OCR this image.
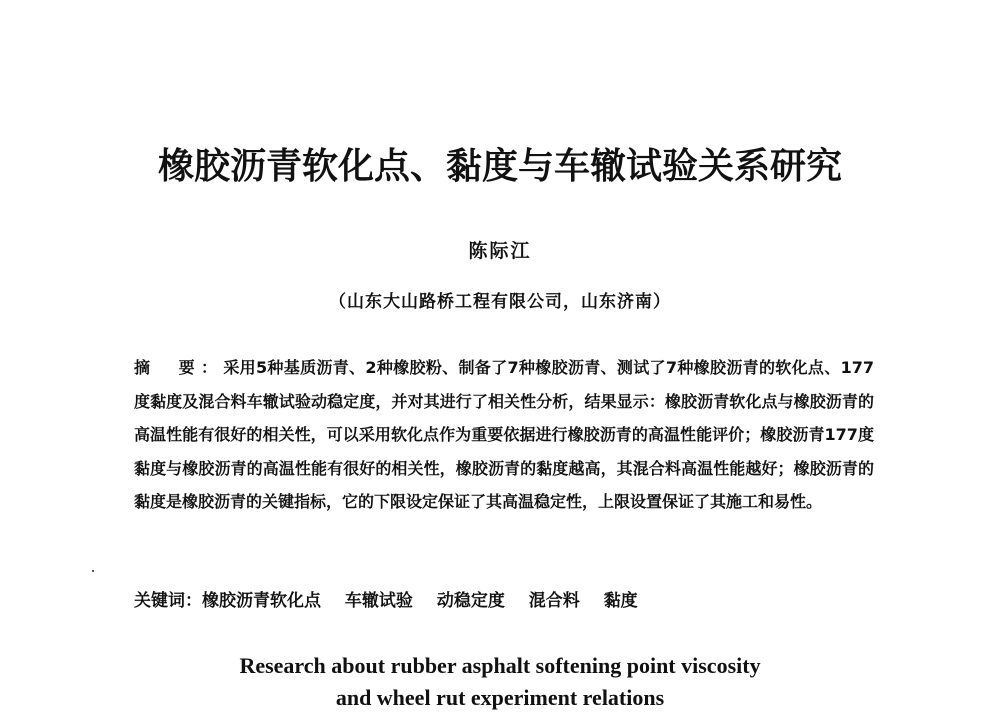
橡胶沥青软化点、黏度与车辙试验关系研究
陈际江
（山东大山路桥工程有限公司，山东济南）
摘　要：采用5种基质沥青、2种橡胶粉、制备了7种橡胶沥青、测试了7种橡胶沥青的软化点、177度黏度及混合料车辙试验动稳定度，并对其进行了相关性分析，结果显示：橡胶沥青软化点与橡胶沥青的高温性能有很好的相关性，可以采用软化点作为重要依据进行橡胶沥青的高温性能评价；橡胶沥青177度黏度与橡胶沥青的高温性能有很好的相关性，橡胶沥青的黏度越高，其混合料高温性能越好；橡胶沥青的黏度是橡胶沥青的关键指标，它的下限设定保证了其高温稳定性，上限设置保证了其施工和易性。
关键词：橡胶沥青软化点 车辙试验 动稳定度 混合料 黏度
Research about rubber asphalt softening point viscosity
and wheel rut experiment relations
